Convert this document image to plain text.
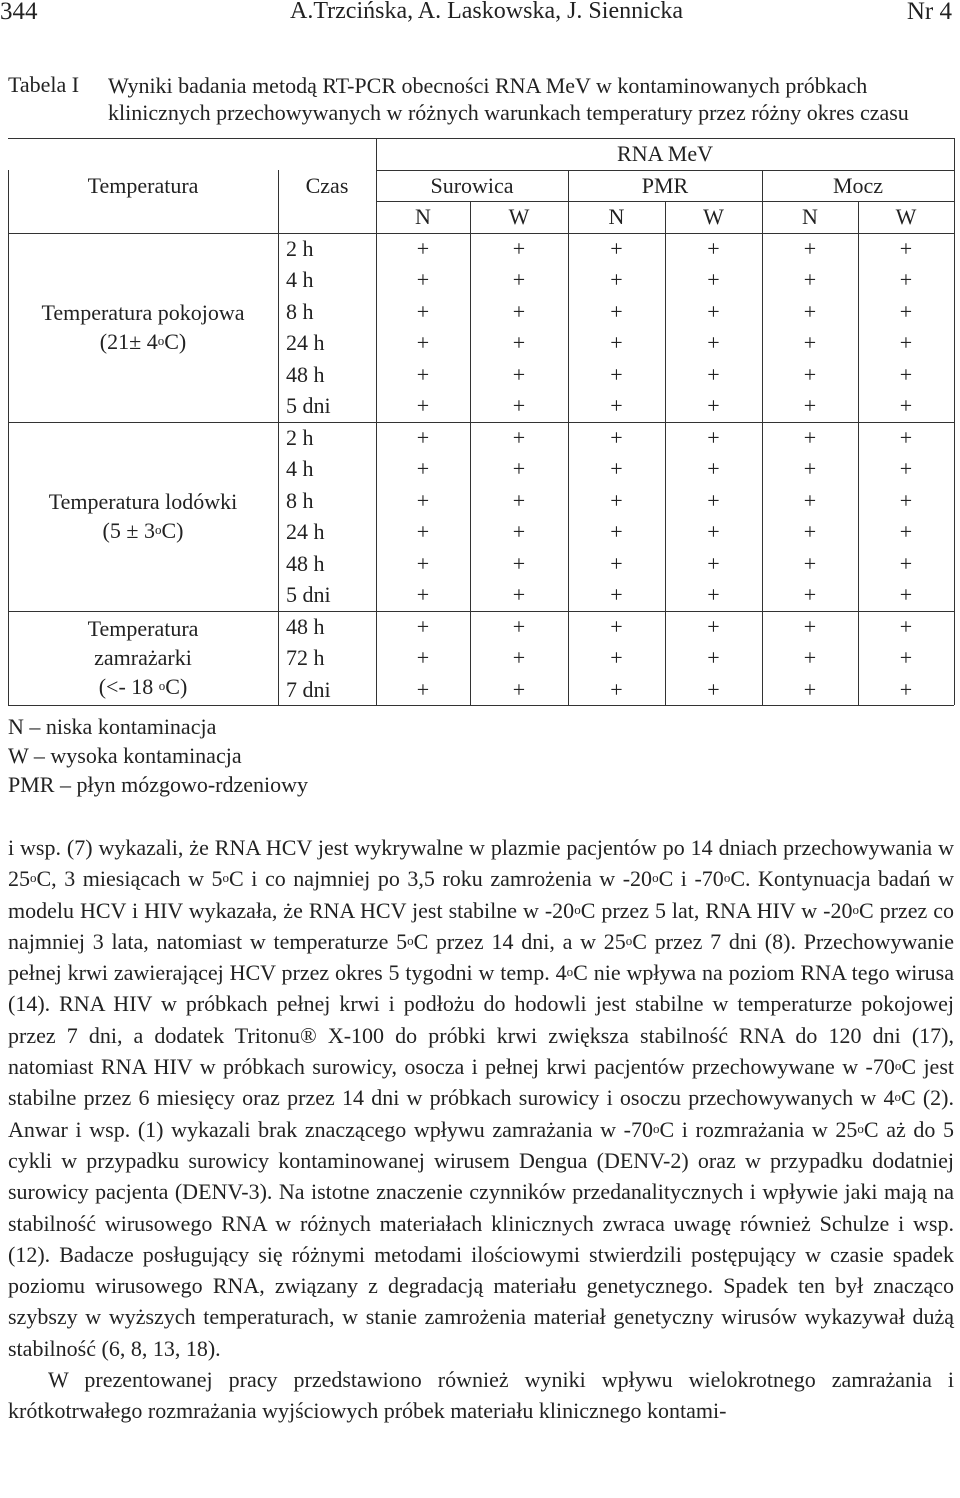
344	A.Trzcińska, A. Laskowska, J. Siennicka	Nr 4
Tabela I Wyniki badania metodą RT-PCR obecności RNA MeV w kontaminowanych próbkach klinicznych przechowywanych w różnych warunkach temperatury przez różny okres czasu
RNA MeV
Temperatura	Czas	Surowica	PMR	Mocz
N	W	N	W	N	W
Temperatura pokojowa
$(21\pm 4^oC)$
2 h	+	+	+	+	+	+
4 h	+	+	+	+	+	+
8 h	+	+	+	+	+	+
24 h	+	+	+	+	+	+
48 h	+	+	+	+	+	+
5 dni	+	+	+	+	+	+
Temperatura lodówki
$(5 \pm 3^oC)$
2 h	+	+	+	+	+	+
4 h	+	+	+	+	+	+
8 h	+	+	+	+	+	+
24 h	+	+	+	+	+	+
48 h	+	+	+	+	+	+
5 dni	+	+	+	+	+	+
Temperatura
zamrażarki
(<- 18 $^o$C)
48 h	+	+	+	+	+	+
72 h	+	+	+	+	+	+
7 dni	+	+	+	+	+	+
N – niska kontaminacja
W – wysoka kontaminacja
PMR – płyn mózgowo-rdzeniowy

i wsp. (7) wykazali, że RNA HCV jest wykrywalne w plazmie pacjentów po 14 dniach przechowywania w 25$^o$C, 3 miesiącach w 5$^o$C i co najmniej po 3,5 roku zamrożenia w -20$^o$C i -70$^o$C. Kontynuacja badań w modelu HCV i HIV wykazała, że RNA HCV jest stabilne w -20$^o$C przez 5 lat, RNA HIV w -20$^o$C przez co najmniej 3 lata, natomiast w temperaturze 5$^o$C przez 14 dni, a w 25$^o$C przez 7 dni (8). Przechowywanie pełnej krwi zawierającej HCV przez okres 5 tygodni w temp. 4$^o$C nie wpływa na poziom RNA tego wirusa (14). RNA HIV w próbkach pełnej krwi i podłożu do hodowli jest stabilne w temperaturze pokojowej przez 7 dni, a dodatek Tritonu® X-100 do próbki krwi zwiększa stabilność RNA do 120 dni (17), natomiast RNA HIV w próbkach surowicy, osocza i pełnej krwi pacjentów przechowywane w -70$^o$C jest stabilne przez 6 miesięcy oraz przez 14 dni w próbkach surowicy i osoczu przechowywanych w 4$^o$C (2). Anwar i wsp. (1) wykazali brak znaczącego wpływu zamrażania w -70$^o$C i rozmrażania w 25$^o$C aż do 5 cykli w przypadku surowicy kontaminowanej wirusem Dengua (DENV-2) oraz w przypadku dodatniej surowicy pacjenta (DENV-3). Na istotne znaczenie czynników przedanalitycznych i wpływie jaki mają na stabilność wirusowego RNA w różnych materiałach klinicznych zwraca uwagę również Schulze i wsp. (12). Badacze posługujący się różnymi metodami ilościowymi stwierdzili postępujący w czasie spadek poziomu wirusowego RNA, związany z degradacją materiału genetycznego. Spadek ten był znacząco szybszy w wyższych temperaturach, w stanie zamrożenia materiał genetyczny wirusów wykazywał dużą stabilność (6, 8, 13, 18).

W prezentowanej pracy przedstawiono również wyniki wpływu wielokrotnego zamrażania i krótkotrwałego rozmrażania wyjściowych próbek materiału klinicznego kontami-
